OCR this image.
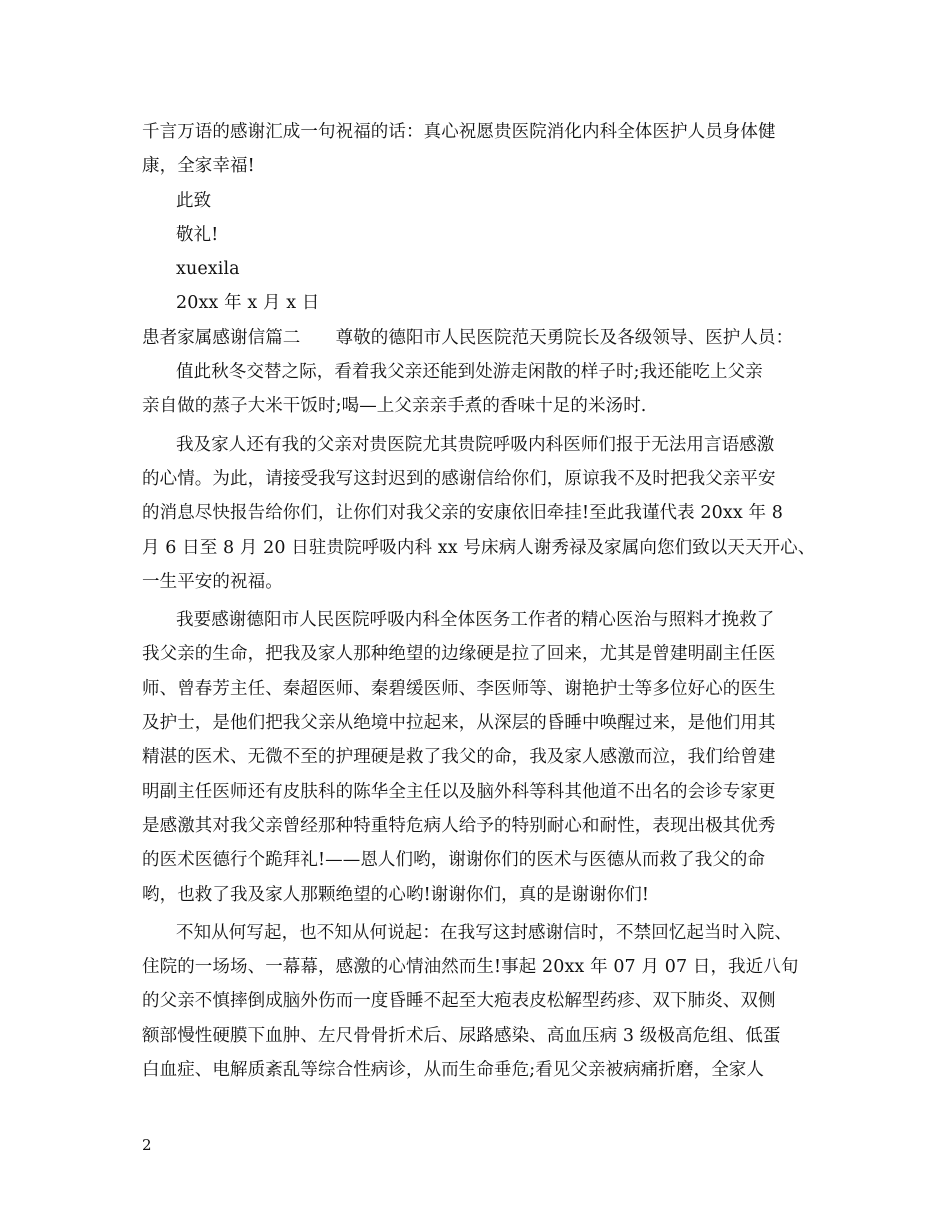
千言万语的感谢汇成一句祝福的话：真心祝愿贵医院消化内科全体医护人员身体健
康，全家幸福!
此致
敬礼!
xuexila
20xx 年 x 月 x 日
患者家属感谢信篇二　　尊敬的德阳市人民医院范天勇院长及各级领导、医护人员：
值此秋冬交替之际，看着我父亲还能到处游走闲散的样子时;我还能吃上父亲
亲自做的蒸子大米干饭时;喝—上父亲亲手煮的香味十足的米汤时.
我及家人还有我的父亲对贵医院尤其贵院呼吸内科医师们报于无法用言语感激
的心情。为此，请接受我写这封迟到的感谢信给你们，原谅我不及时把我父亲平安
的消息尽快报告给你们，让你们对我父亲的安康依旧牵挂!至此我谨代表 20xx 年 8
月 6 日至 8 月 20 日驻贵院呼吸内科 xx 号床病人谢秀禄及家属向您们致以天天开心、
一生平安的祝福。
我要感谢德阳市人民医院呼吸内科全体医务工作者的精心医治与照料才挽救了
我父亲的生命，把我及家人那种绝望的边缘硬是拉了回来，尤其是曾建明副主任医
师、曾春芳主任、秦超医师、秦碧缓医师、李医师等、谢艳护士等多位好心的医生
及护士，是他们把我父亲从绝境中拉起来，从深层的昏睡中唤醒过来，是他们用其
精湛的医术、无微不至的护理硬是救了我父的命，我及家人感激而泣，我们给曾建
明副主任医师还有皮肤科的陈华全主任以及脑外科等科其他道不出名的会诊专家更
是感激其对我父亲曾经那种特重特危病人给予的特别耐心和耐性，表现出极其优秀
的医术医德行个跪拜礼!——恩人们哟，谢谢你们的医术与医德从而救了我父的命
哟，也救了我及家人那颗绝望的心哟!谢谢你们，真的是谢谢你们!
不知从何写起，也不知从何说起：在我写这封感谢信时，不禁回忆起当时入院、
住院的一场场、一幕幕，感激的心情油然而生!事起 20xx 年 07 月 07 日，我近八旬
的父亲不慎摔倒成脑外伤而一度昏睡不起至大疱表皮松解型药疹、双下肺炎、双侧
额部慢性硬膜下血肿、左尺骨骨折术后、尿路感染、高血压病 3 级极高危组、低蛋
白血症、电解质紊乱等综合性病诊，从而生命垂危;看见父亲被病痛折磨，全家人
2
